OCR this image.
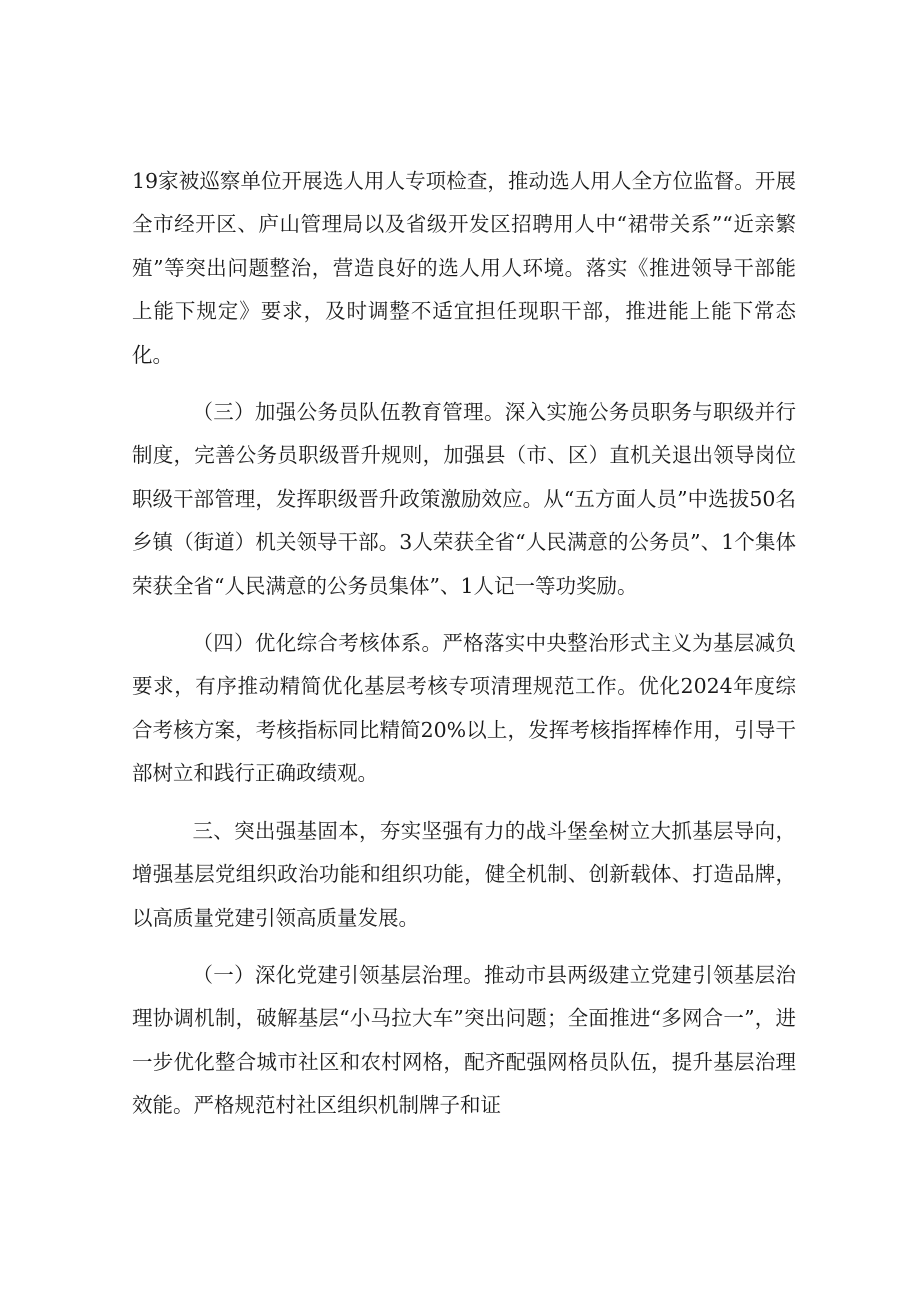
19家被巡察单位开展选人用人专项检查，推动选人用人全方位监督。开展全市经开区、庐山管理局以及省级开发区招聘用人中“裙带关系”“近亲繁殖”等突出问题整治，营造良好的选人用人环境。落实《推进领导干部能上能下规定》要求，及时调整不适宜担任现职干部，推进能上能下常态化。

（三）加强公务员队伍教育管理。深入实施公务员职务与职级并行制度，完善公务员职级晋升规则，加强县（市、区）直机关退出领导岗位职级干部管理，发挥职级晋升政策激励效应。从“五方面人员”中选拔50名乡镇（街道）机关领导干部。3人荣获全省“人民满意的公务员”、1个集体荣获全省“人民满意的公务员集体”、1人记一等功奖励。

（四）优化综合考核体系。严格落实中央整治形式主义为基层减负要求，有序推动精简优化基层考核专项清理规范工作。优化2024年度综合考核方案，考核指标同比精简20%以上，发挥考核指挥棒作用，引导干部树立和践行正确政绩观。

三、突出强基固本，夯实坚强有力的战斗堡垒树立大抓基层导向，增强基层党组织政治功能和组织功能，健全机制、创新载体、打造品牌，以高质量党建引领高质量发展。

（一）深化党建引领基层治理。推动市县两级建立党建引领基层治理协调机制，破解基层“小马拉大车”突出问题；全面推进“多网合一”，进一步优化整合城市社区和农村网格，配齐配强网格员队伍，提升基层治理效能。严格规范村社区组织机制牌子和证
